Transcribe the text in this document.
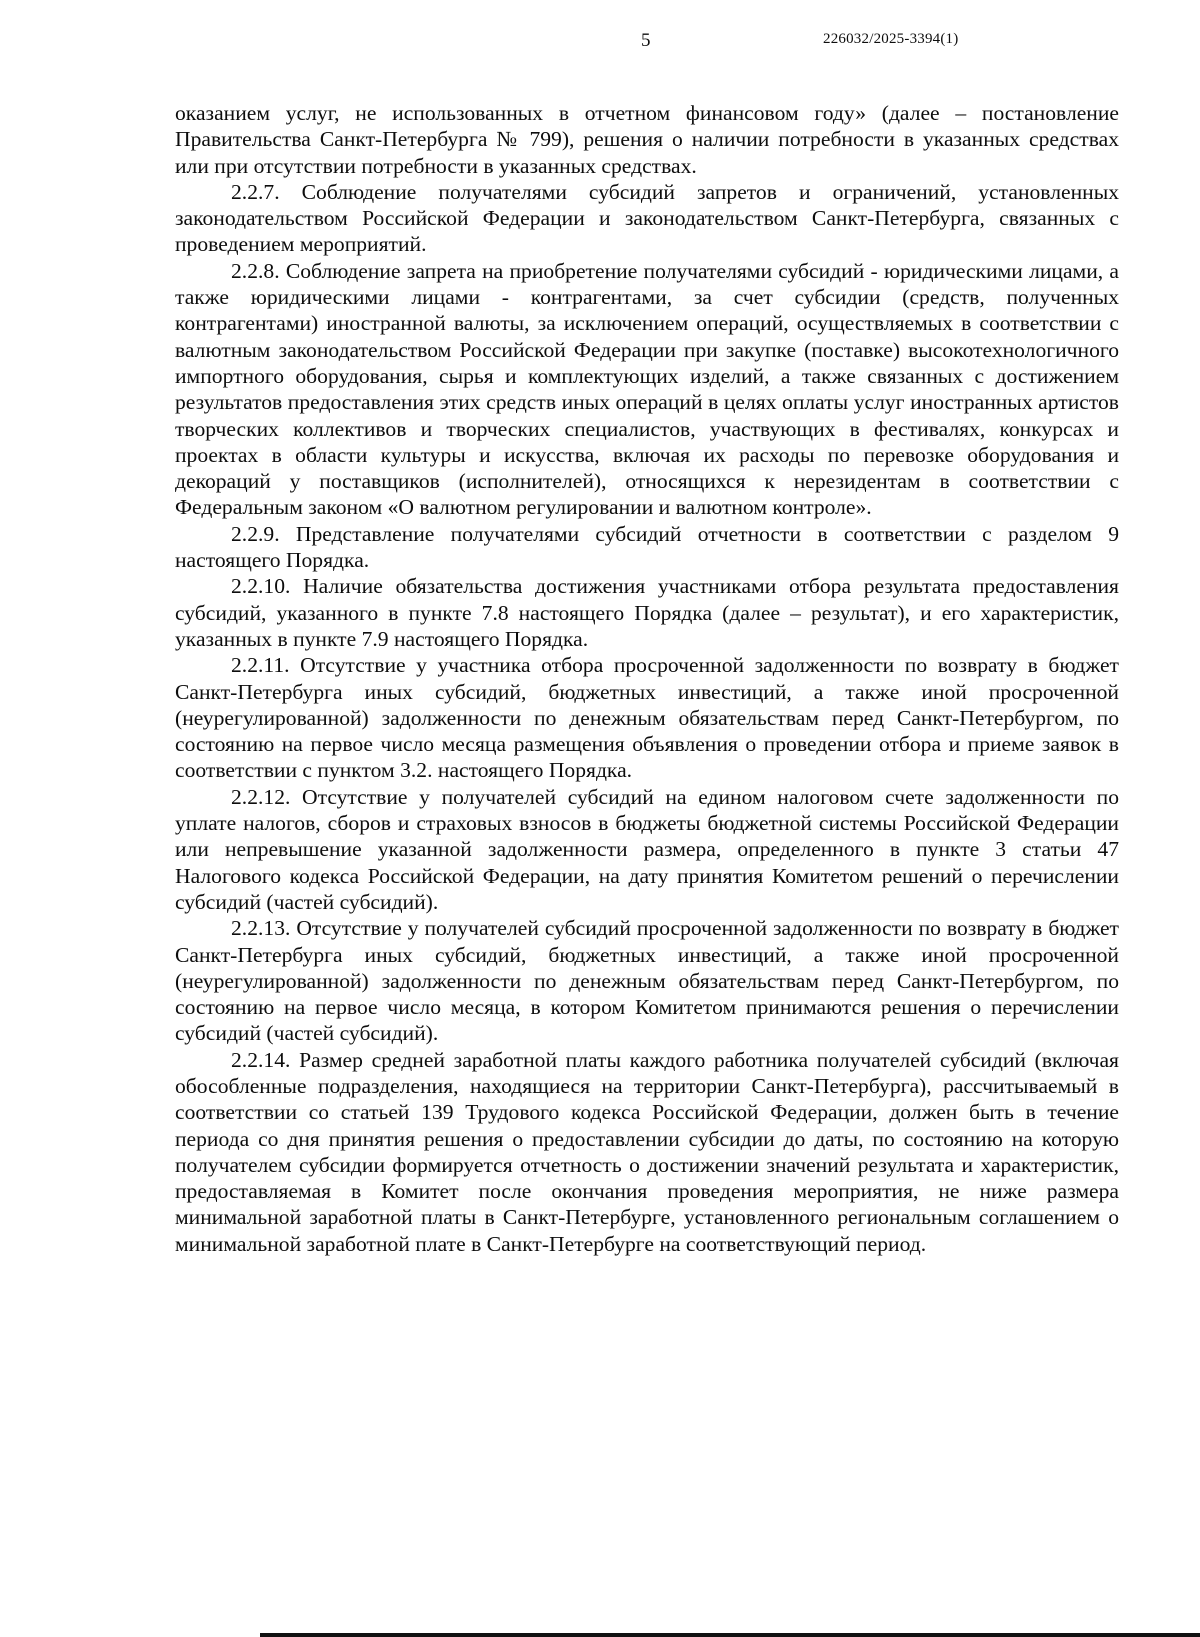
5	226032/2025-3394(1)

оказанием услуг, не использованных в отчетном финансовом году» (далее – постановление Правительства Санкт-Петербурга № 799), решения о наличии потребности в указанных средствах или при отсутствии потребности в указанных средствах.

2.2.7. Соблюдение получателями субсидий запретов и ограничений, установленных законодательством Российской Федерации и законодательством Санкт-Петербурга, связанных с проведением мероприятий.

2.2.8. Соблюдение запрета на приобретение получателями субсидий - юридическими лицами, а также юридическими лицами - контрагентами, за счет субсидии (средств, полученных контрагентами) иностранной валюты, за исключением операций, осуществляемых в соответствии с валютным законодательством Российской Федерации при закупке (поставке) высокотехнологичного импортного оборудования, сырья и комплектующих изделий, а также связанных с достижением результатов предоставления этих средств иных операций в целях оплаты услуг иностранных артистов творческих коллективов и творческих специалистов, участвующих в фестивалях, конкурсах и проектах в области культуры и искусства, включая их расходы по перевозке оборудования и декораций у поставщиков (исполнителей), относящихся к нерезидентам в соответствии с Федеральным законом «О валютном регулировании и валютном контроле».

2.2.9. Представление получателями субсидий отчетности в соответствии с разделом 9 настоящего Порядка.

2.2.10. Наличие обязательства достижения участниками отбора результата предоставления субсидий, указанного в пункте 7.8 настоящего Порядка (далее – результат), и его характеристик, указанных в пункте 7.9 настоящего Порядка.

2.2.11. Отсутствие у участника отбора просроченной задолженности по возврату в бюджет Санкт-Петербурга иных субсидий, бюджетных инвестиций, а также иной просроченной (неурегулированной) задолженности по денежным обязательствам перед Санкт-Петербургом, по состоянию на первое число месяца размещения объявления о проведении отбора и приеме заявок в соответствии с пунктом 3.2. настоящего Порядка.

2.2.12. Отсутствие у получателей субсидий на едином налоговом счете задолженности по уплате налогов, сборов и страховых взносов в бюджеты бюджетной системы Российской Федерации или непревышение указанной задолженности размера, определенного в пункте 3 статьи 47 Налогового кодекса Российской Федерации, на дату принятия Комитетом решений о перечислении субсидий (частей субсидий).

2.2.13. Отсутствие у получателей субсидий просроченной задолженности по возврату в бюджет Санкт-Петербурга иных субсидий, бюджетных инвестиций, а также иной просроченной (неурегулированной) задолженности по денежным обязательствам перед Санкт-Петербургом, по состоянию на первое число месяца, в котором Комитетом принимаются решения о перечислении субсидий (частей субсидий).

2.2.14. Размер средней заработной платы каждого работника получателей субсидий (включая обособленные подразделения, находящиеся на территории Санкт-Петербурга), рассчитываемый в соответствии со статьей 139 Трудового кодекса Российской Федерации, должен быть в течение периода со дня принятия решения о предоставлении субсидии до даты, по состоянию на которую получателем субсидии формируется отчетность о достижении значений результата и характеристик, предоставляемая в Комитет после окончания проведения мероприятия, не ниже размера минимальной заработной платы в Санкт-Петербурге, установленного региональным соглашением о минимальной заработной плате в Санкт-Петербурге на соответствующий период.
